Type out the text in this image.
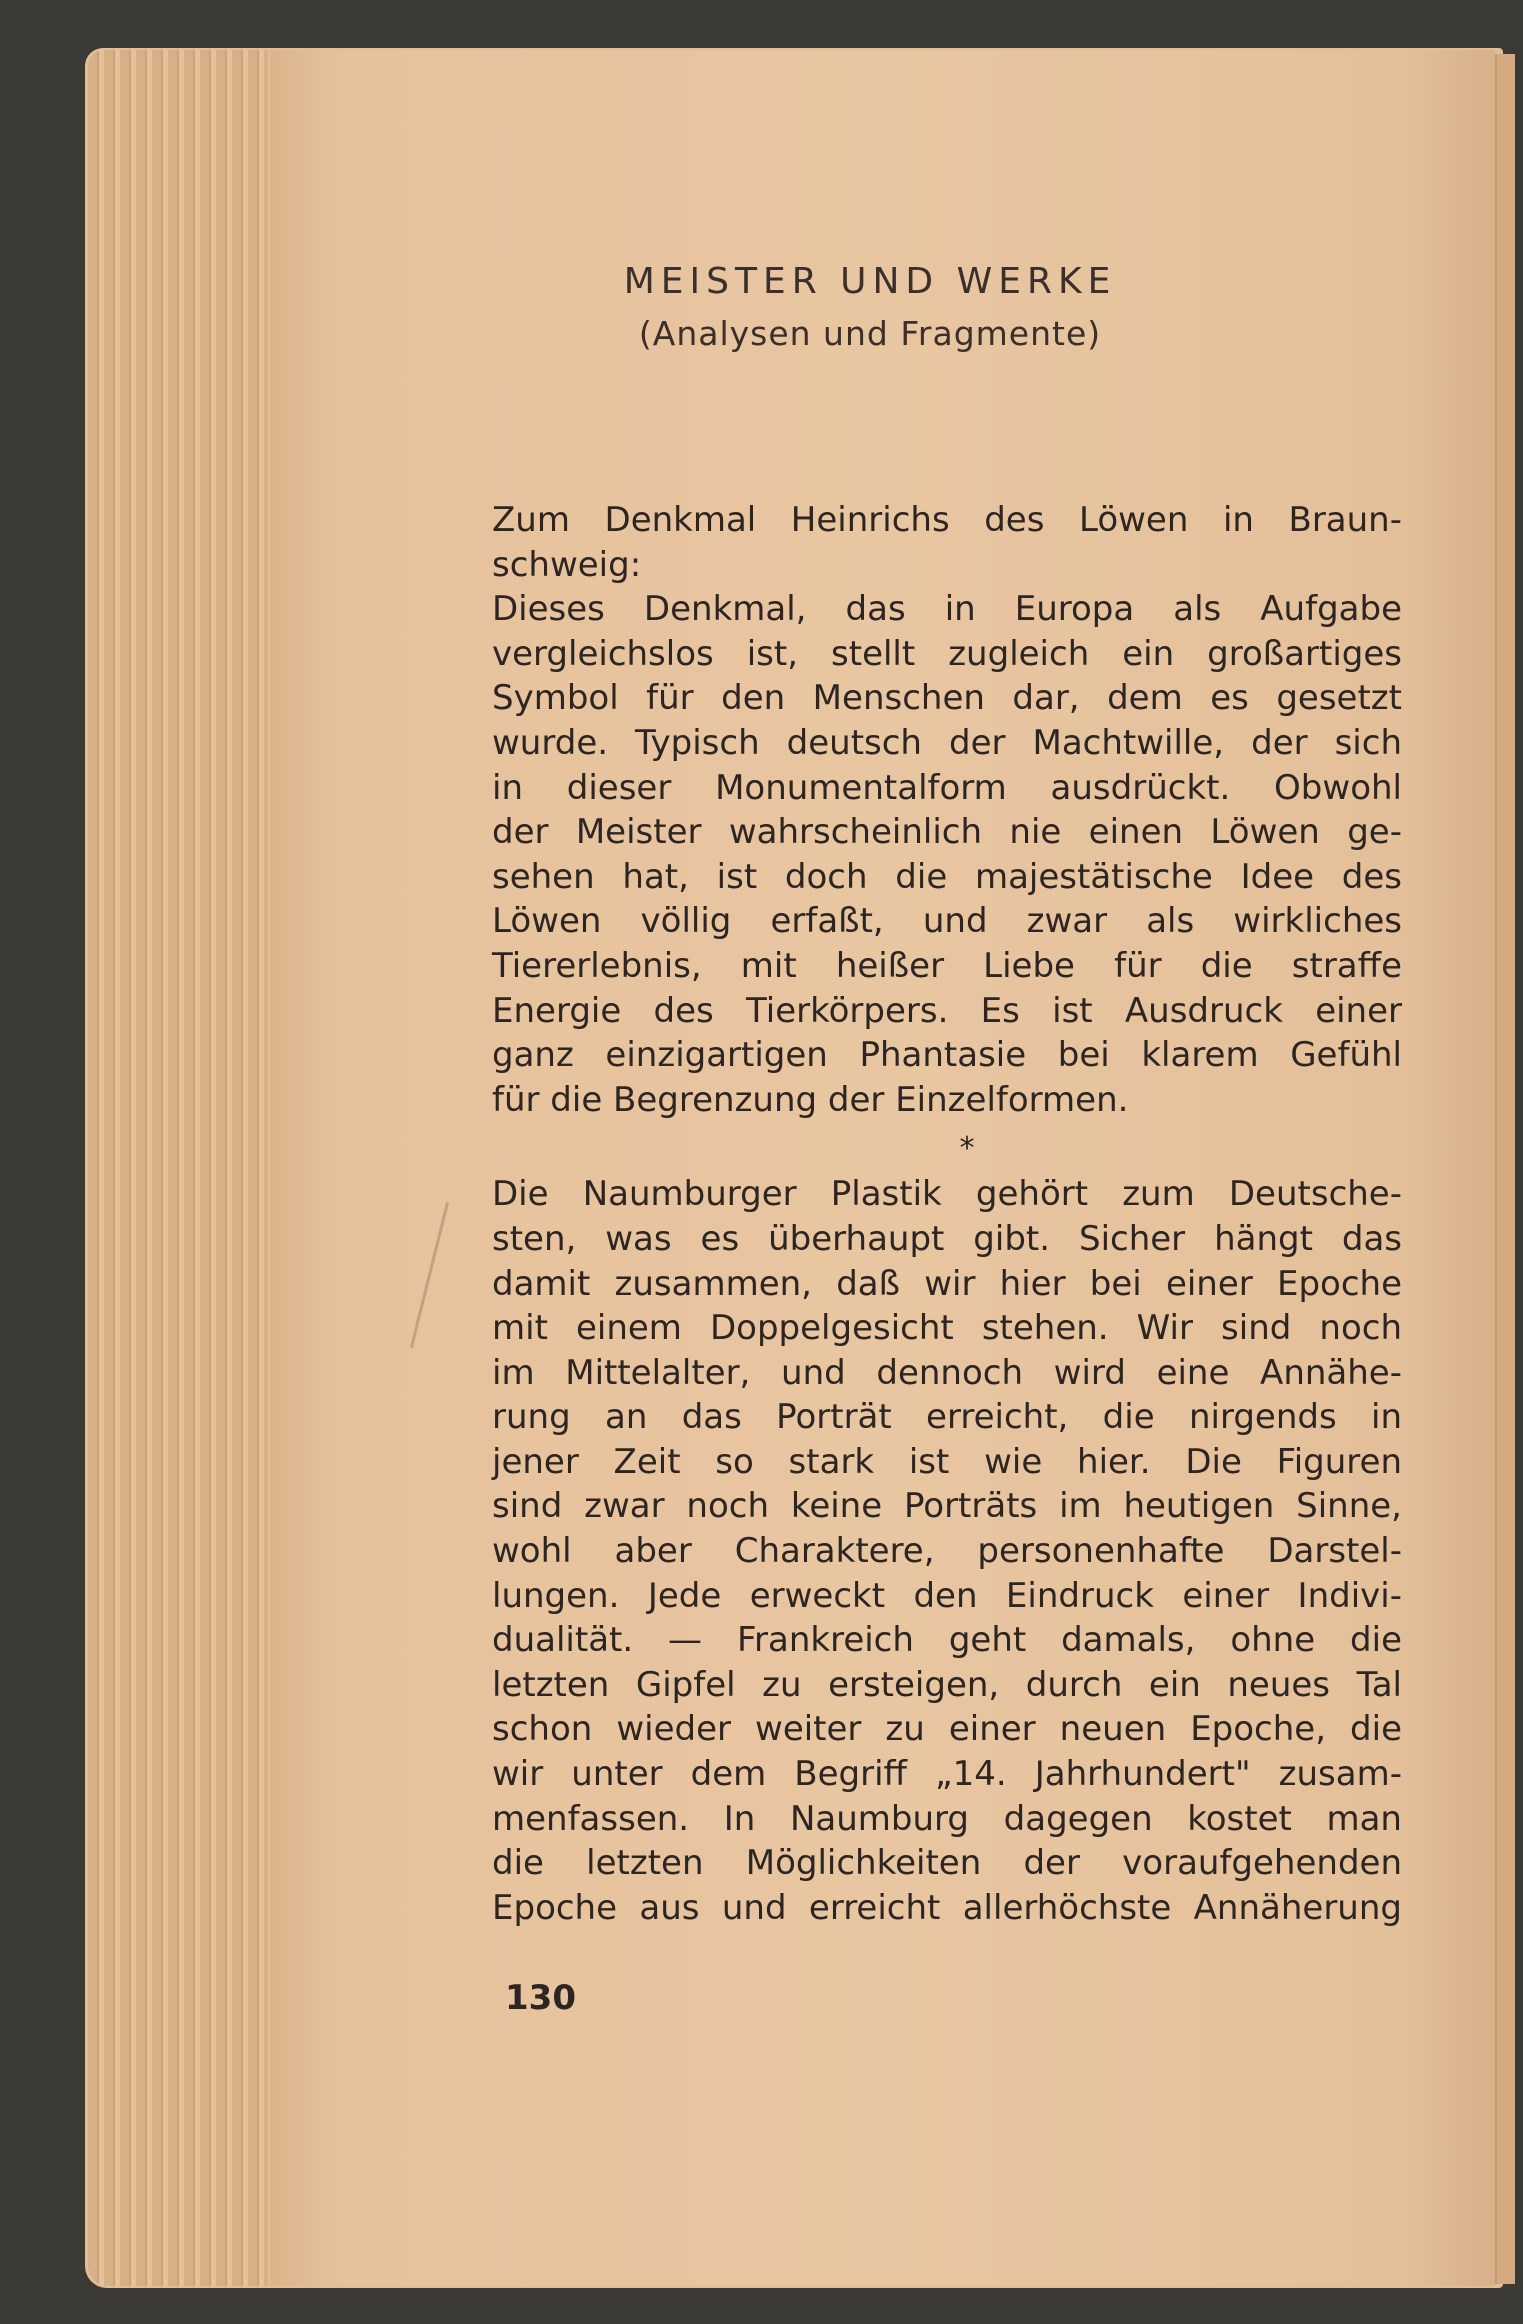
MEISTER UND WERKE
(Analysen und Fragmente)
Zum Denkmal Heinrichs des Löwen in Braun-
schweig:
Dieses Denkmal, das in Europa als Aufgabe
vergleichslos ist, stellt zugleich ein großartiges
Symbol für den Menschen dar, dem es gesetzt
wurde. Typisch deutsch der Machtwille, der sich
in dieser Monumentalform ausdrückt. Obwohl
der Meister wahrscheinlich nie einen Löwen ge-
sehen hat, ist doch die majestätische Idee des
Löwen völlig erfaßt, und zwar als wirkliches
Tiererlebnis, mit heißer Liebe für die straffe
Energie des Tierkörpers. Es ist Ausdruck einer
ganz einzigartigen Phantasie bei klarem Gefühl
für die Begrenzung der Einzelformen.
*
Die Naumburger Plastik gehört zum Deutsche-
sten, was es überhaupt gibt. Sicher hängt das
damit zusammen, daß wir hier bei einer Epoche
mit einem Doppelgesicht stehen. Wir sind noch
im Mittelalter, und dennoch wird eine Annähe-
rung an das Porträt erreicht, die nirgends in
jener Zeit so stark ist wie hier. Die Figuren
sind zwar noch keine Porträts im heutigen Sinne,
wohl aber Charaktere, personenhafte Darstel-
lungen. Jede erweckt den Eindruck einer Indivi-
dualität. — Frankreich geht damals, ohne die
letzten Gipfel zu ersteigen, durch ein neues Tal
schon wieder weiter zu einer neuen Epoche, die
wir unter dem Begriff „14. Jahrhundert" zusam-
menfassen. In Naumburg dagegen kostet man
die letzten Möglichkeiten der voraufgehenden
Epoche aus und erreicht allerhöchste Annäherung
130
